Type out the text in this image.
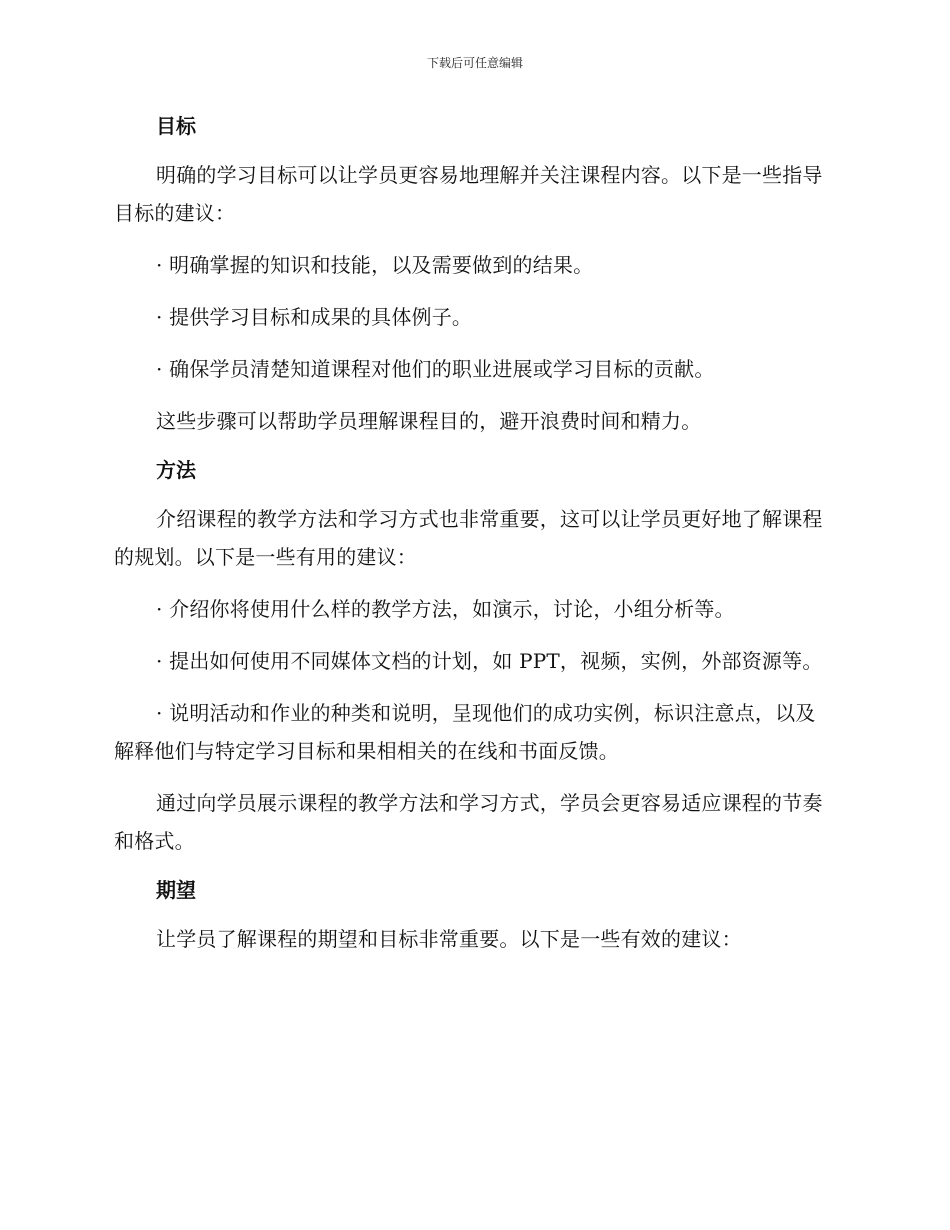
下载后可任意编辑
目标
明确的学习目标可以让学员更容易地理解并关注课程内容。以下是一些指导目标的建议：
· 明确掌握的知识和技能，以及需要做到的结果。
· 提供学习目标和成果的具体例子。
· 确保学员清楚知道课程对他们的职业进展或学习目标的贡献。
这些步骤可以帮助学员理解课程目的，避开浪费时间和精力。
方法
介绍课程的教学方法和学习方式也非常重要，这可以让学员更好地了解课程的规划。以下是一些有用的建议：
· 介绍你将使用什么样的教学方法，如演示，讨论，小组分析等。
· 提出如何使用不同媒体文档的计划，如 PPT，视频，实例，外部资源等。
· 说明活动和作业的种类和说明，呈现他们的成功实例，标识注意点，以及解释他们与特定学习目标和果相相关的在线和书面反馈。
通过向学员展示课程的教学方法和学习方式，学员会更容易适应课程的节奏和格式。
期望
让学员了解课程的期望和目标非常重要。以下是一些有效的建议：
